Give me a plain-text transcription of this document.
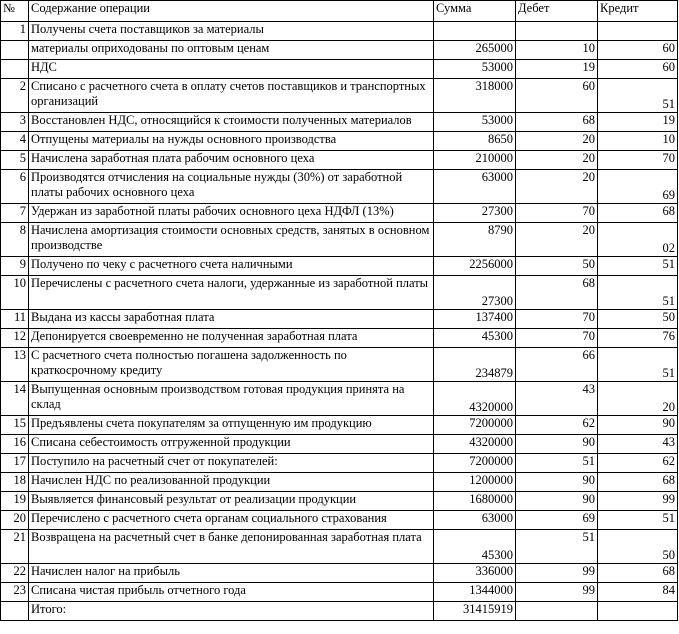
№	Содержание операции	Сумма	Дебет	Кредит
1	Получены счета поставщиков за материалы			
	материалы оприходованы по оптовым ценам	265000	10	60
	НДС	53000	19	60
2	Списано с расчетного счета в оплату счетов поставщиков и транспортных организаций	318000	60	51
3	Восстановлен НДС, относящийся к стоимости полученных материалов	53000	68	19
4	Отпущены материалы на нужды основного производства	8650	20	10
5	Начислена заработная плата рабочим основного цеха	210000	20	70
6	Производятся отчисления на социальные нужды (30%) от заработной платы рабочих основного цеха	63000	20	69
7	Удержан из заработной платы рабочих основного цеха НДФЛ (13%)	27300	70	68
8	Начислена амортизация стоимости основных средств, занятых в основном производстве	8790	20	02
9	Получено по чеку с расчетного счета наличными	2256000	50	51
10	Перечислены с расчетного счета налоги, удержанные из заработной платы	27300	68	51
11	Выдана из кассы заработная плата	137400	70	50
12	Депонируется своевременно не полученная заработная плата	45300	70	76
13	С расчетного счета полностью погашена задолженность по краткосрочному кредиту	234879	66	51
14	Выпущенная основным производством готовая продукция принята на склад	4320000	43	20
15	Предъявлены счета покупателям за отпущенную им продукцию	7200000	62	90
16	Списана себестоимость отгруженной продукции	4320000	90	43
17	Поступило на расчетный счет от покупателей:	7200000	51	62
18	Начислен НДС по реализованной продукции	1200000	90	68
19	Выявляется финансовый результат от реализации продукции	1680000	90	99
20	Перечислено с расчетного счета органам социального страхования	63000	69	51
21	Возвращена на расчетный счет в банке депонированная заработная плата	45300	51	50
22	Начислен налог на прибыль	336000	99	68
23	Списана чистая прибыль отчетного года	1344000	99	84
	Итого:	31415919		
